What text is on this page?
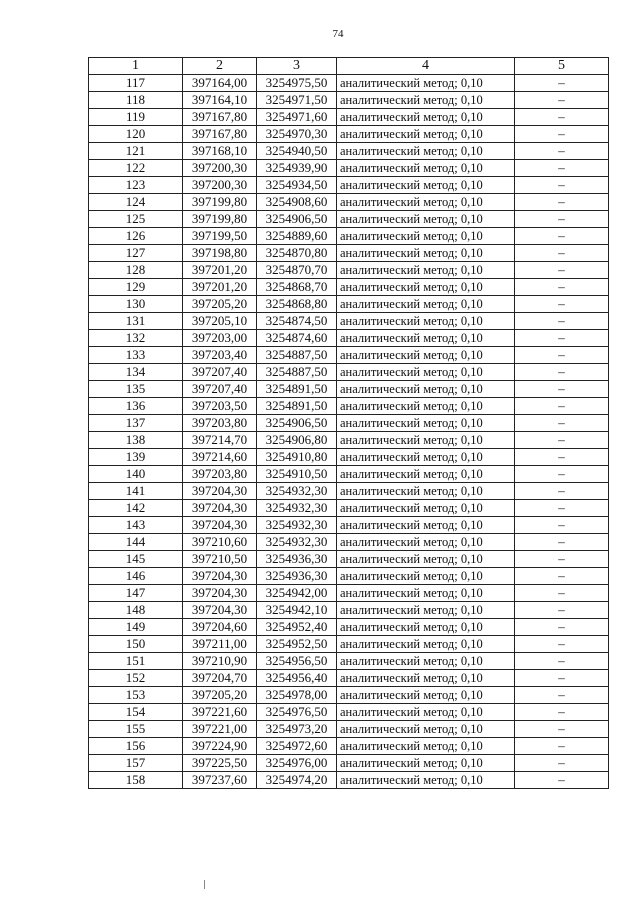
74
1	2	3	4	5
117	397164,00	3254975,50	аналитический метод; 0,10	–
118	397164,10	3254971,50	аналитический метод; 0,10	–
119	397167,80	3254971,60	аналитический метод; 0,10	–
120	397167,80	3254970,30	аналитический метод; 0,10	–
121	397168,10	3254940,50	аналитический метод; 0,10	–
122	397200,30	3254939,90	аналитический метод; 0,10	–
123	397200,30	3254934,50	аналитический метод; 0,10	–
124	397199,80	3254908,60	аналитический метод; 0,10	–
125	397199,80	3254906,50	аналитический метод; 0,10	–
126	397199,50	3254889,60	аналитический метод; 0,10	–
127	397198,80	3254870,80	аналитический метод; 0,10	–
128	397201,20	3254870,70	аналитический метод; 0,10	–
129	397201,20	3254868,70	аналитический метод; 0,10	–
130	397205,20	3254868,80	аналитический метод; 0,10	–
131	397205,10	3254874,50	аналитический метод; 0,10	–
132	397203,00	3254874,60	аналитический метод; 0,10	–
133	397203,40	3254887,50	аналитический метод; 0,10	–
134	397207,40	3254887,50	аналитический метод; 0,10	–
135	397207,40	3254891,50	аналитический метод; 0,10	–
136	397203,50	3254891,50	аналитический метод; 0,10	–
137	397203,80	3254906,50	аналитический метод; 0,10	–
138	397214,70	3254906,80	аналитический метод; 0,10	–
139	397214,60	3254910,80	аналитический метод; 0,10	–
140	397203,80	3254910,50	аналитический метод; 0,10	–
141	397204,30	3254932,30	аналитический метод; 0,10	–
142	397204,30	3254932,30	аналитический метод; 0,10	–
143	397204,30	3254932,30	аналитический метод; 0,10	–
144	397210,60	3254932,30	аналитический метод; 0,10	–
145	397210,50	3254936,30	аналитический метод; 0,10	–
146	397204,30	3254936,30	аналитический метод; 0,10	–
147	397204,30	3254942,00	аналитический метод; 0,10	–
148	397204,30	3254942,10	аналитический метод; 0,10	–
149	397204,60	3254952,40	аналитический метод; 0,10	–
150	397211,00	3254952,50	аналитический метод; 0,10	–
151	397210,90	3254956,50	аналитический метод; 0,10	–
152	397204,70	3254956,40	аналитический метод; 0,10	–
153	397205,20	3254978,00	аналитический метод; 0,10	–
154	397221,60	3254976,50	аналитический метод; 0,10	–
155	397221,00	3254973,20	аналитический метод; 0,10	–
156	397224,90	3254972,60	аналитический метод; 0,10	–
157	397225,50	3254976,00	аналитический метод; 0,10	–
158	397237,60	3254974,20	аналитический метод; 0,10	–
